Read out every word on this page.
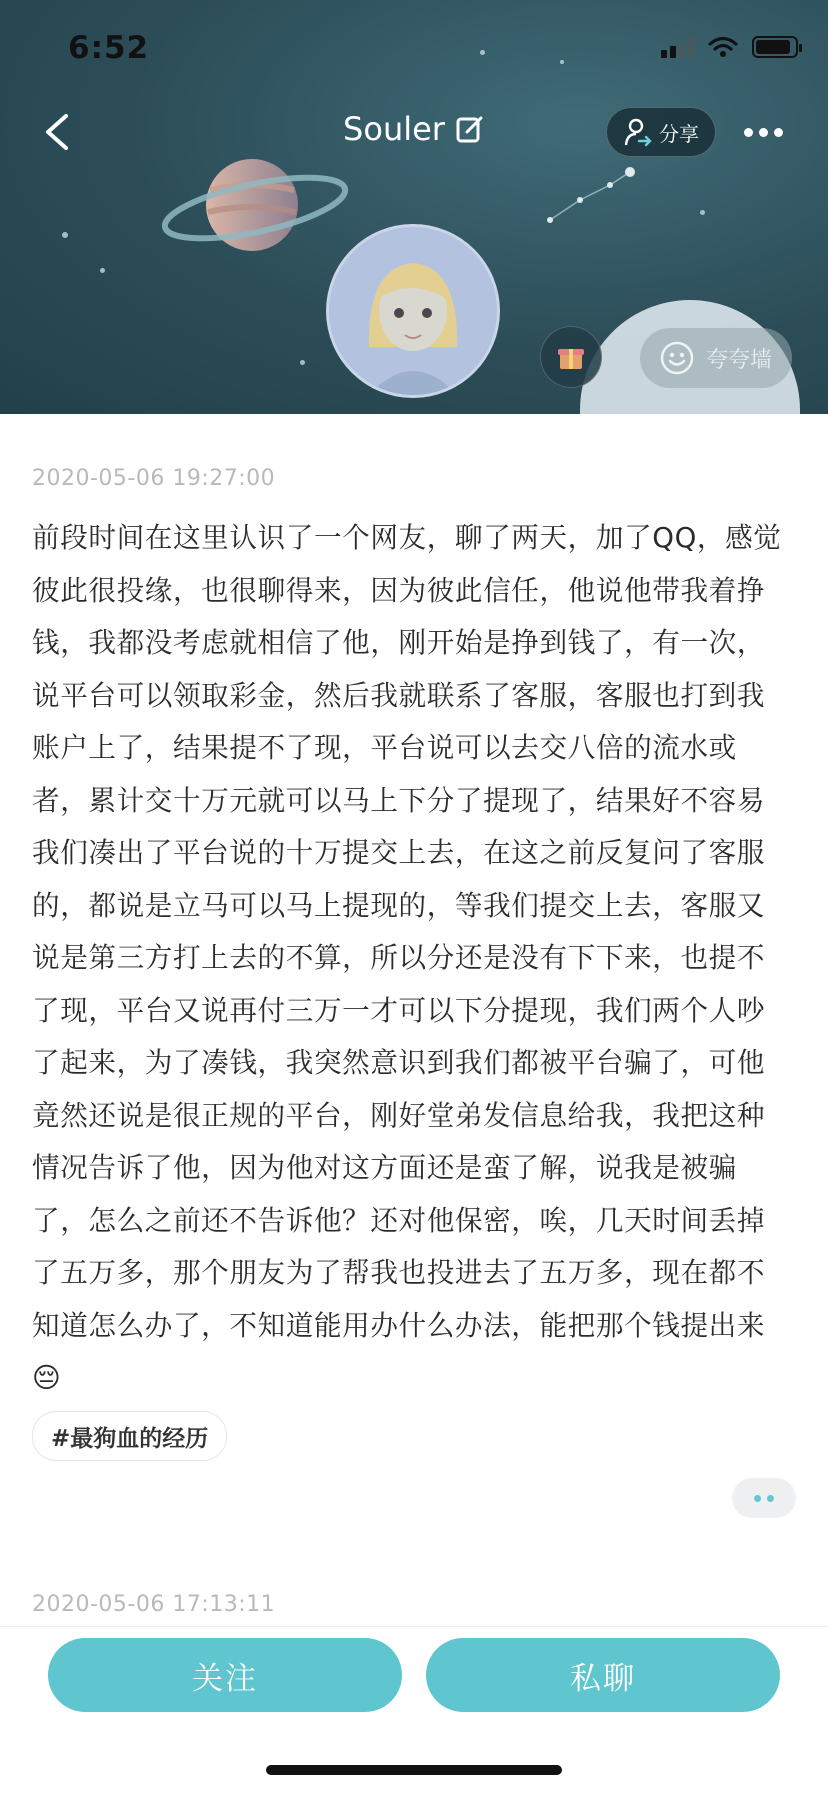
夸夸墙
6:52
Souler	分享
2020-05-06 19:27:00
前段时间在这里认识了一个网友，聊了两天，加了QQ，感觉彼此很投缘，也很聊得来，因为彼此信任，他说他带我着挣钱，我都没考虑就相信了他，刚开始是挣到钱了，有一次，说平台可以领取彩金，然后我就联系了客服，客服也打到我账户上了，结果提不了现，平台说可以去交八倍的流水或者，累计交十万元就可以马上下分了提现了，结果好不容易我们凑出了平台说的十万提交上去，在这之前反复问了客服的，都说是立马可以马上提现的，等我们提交上去，客服又说是第三方打上去的不算，所以分还是没有下下来，也提不了现，平台又说再付三万一才可以下分提现，我们两个人吵了起来，为了凑钱，我突然意识到我们都被平台骗了，可他竟然还说是很正规的平台，刚好堂弟发信息给我，我把这种情况告诉了他，因为他对这方面还是蛮了解，说我是被骗了，怎么之前还不告诉他？还对他保密，唉，几天时间丢掉了五万多，那个朋友为了帮我也投进去了五万多，现在都不知道怎么办了，不知道能用办什么办法，能把那个钱提出来😔
#最狗血的经历
2020-05-06 17:13:11
关注	私聊
